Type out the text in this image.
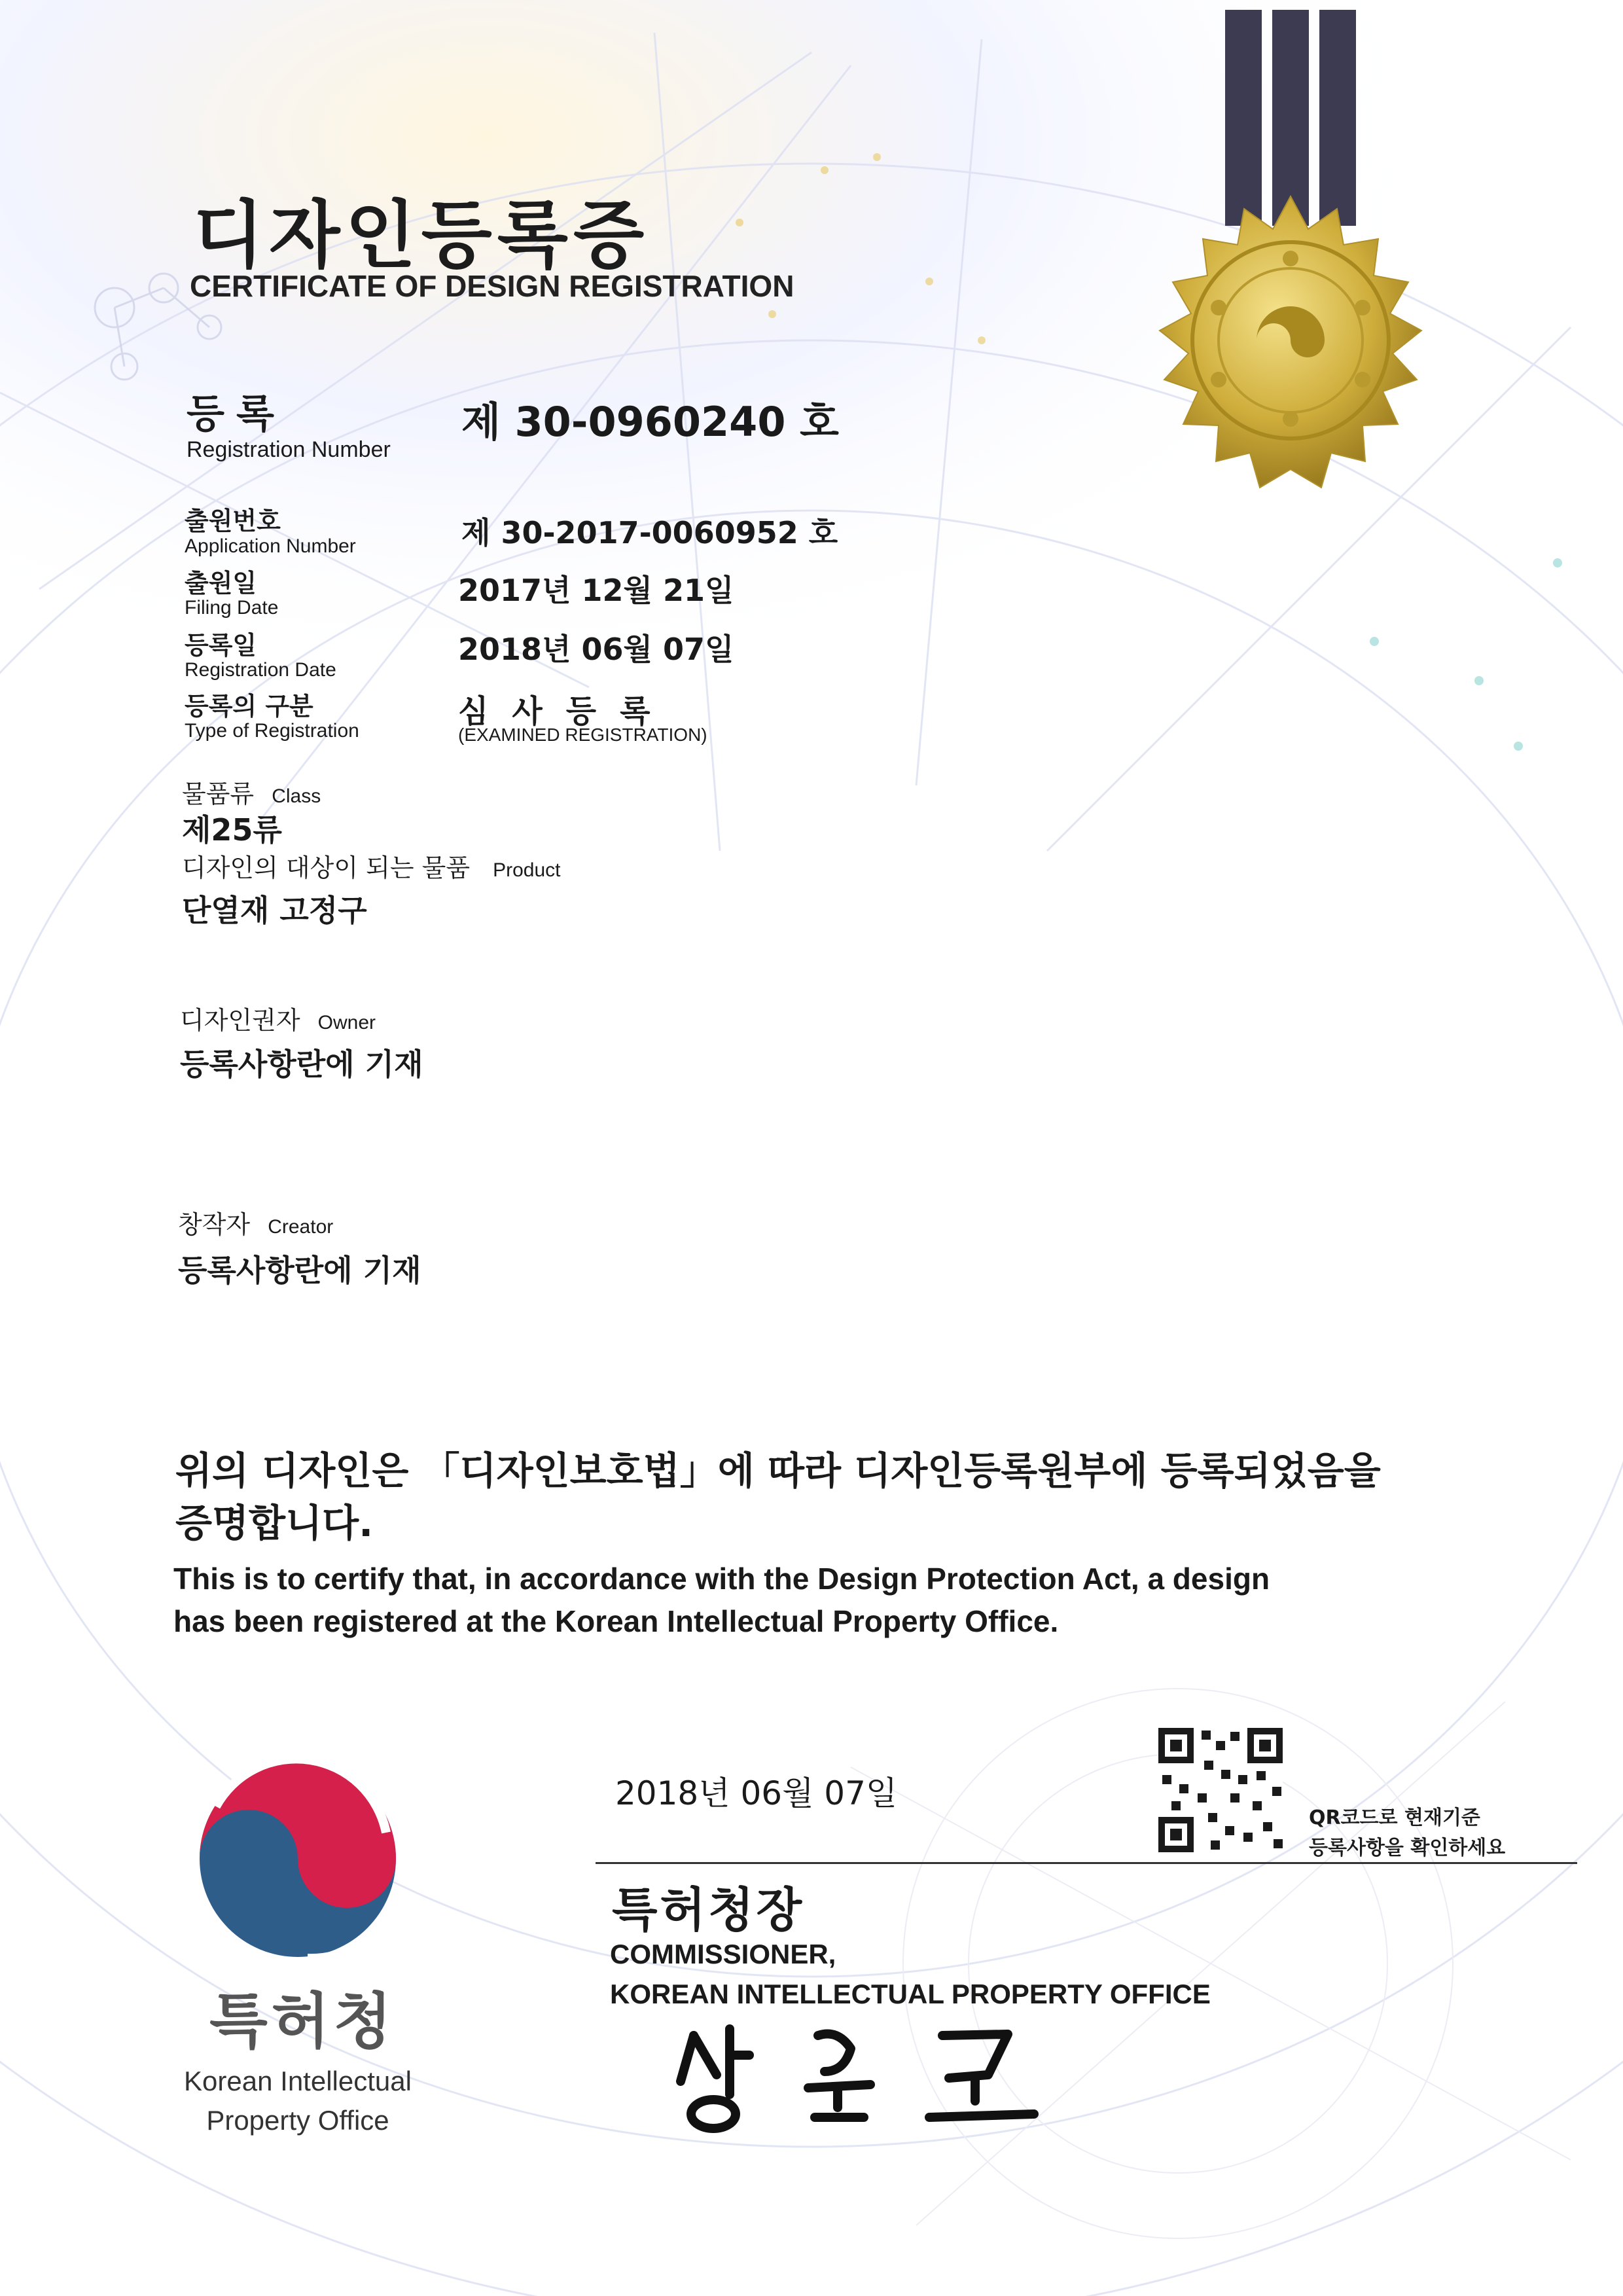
디자인등록증
CERTIFICATE OF DESIGN REGISTRATION
등록
Registration Number
제 30-0960240 호
출원번호
Application Number	제 30-2017-0060952 호
출원일
Filing Date	2017년 12월 21일
등록일
Registration Date
2018년 06월 07일
등록의 구분
Type of Registration
심사등록
(EXAMINED REGISTRATION)
물품류 Class
제25류
디자인의 대상이 되는 물품 Product
단열재 고정구
디자인권자 Owner
등록사항란에 기재
창작자 Creator
등록사항란에 기재
위의 디자인은 「디자인보호법」에 따라 디자인등록원부에 등록되었음을
증명합니다.
This is to certify that, in accordance with the Design Protection Act, a design
has been registered at the Korean Intellectual Property Office.
2018년 06월 07일
QR코드로 현재기준
등록사항을 확인하세요
특허청장
COMMISSIONER,
KOREAN INTELLECTUAL PROPERTY OFFICE
특허청
Korean Intellectual
Property Office
